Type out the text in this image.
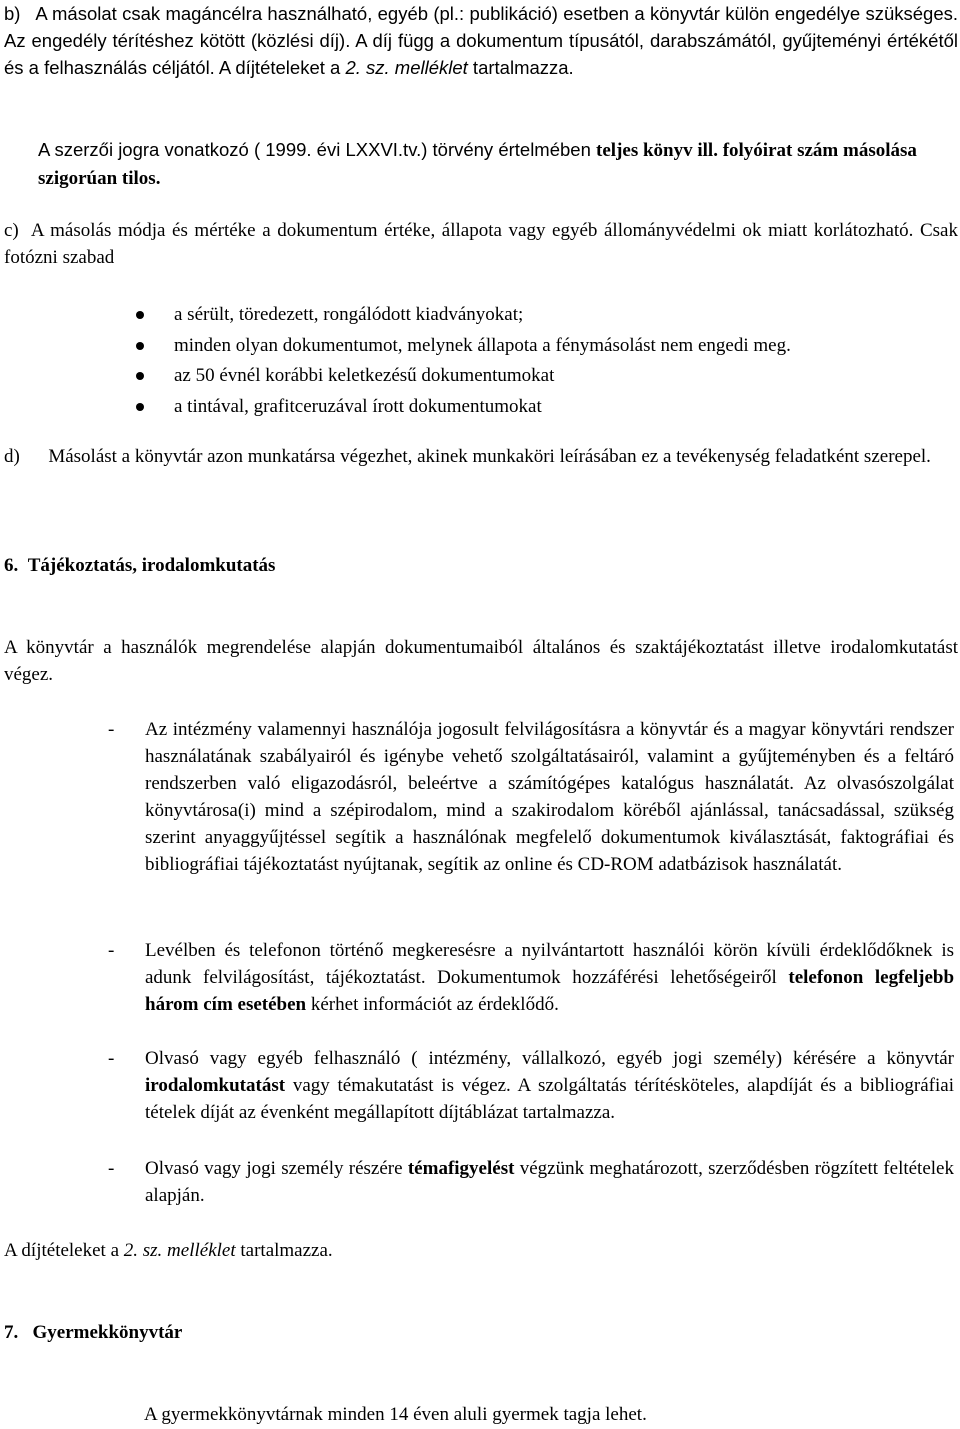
b) A másolat csak magáncélra használható, egyéb (pl.: publikáció) esetben a könyvtár külön engedélye szükséges. Az engedély térítéshez kötött (közlési díj). A díj függ a dokumentum típusától, darabszámától, gyűjteményi értékétől és a felhasználás céljától. A díjtételeket a 2. sz. melléklet tartalmazza.

A szerzői jogra vonatkozó ( 1999. évi LXXVI.tv.) törvény értelmében teljes könyv ill. folyóirat szám másolása szigorúan tilos.

c) A másolás módja és mértéke a dokumentum értéke, állapota vagy egyéb állományvédelmi ok miatt korlátozható. Csak fotózni szabad

a sérült, töredezett, rongálódott kiadványokat;
minden olyan dokumentumot, melynek állapota a fénymásolást nem engedi meg.
az 50 évnél korábbi keletkezésű dokumentumokat
a tintával, grafitceruzával írott dokumentumokat

d) Másolást a könyvtár azon munkatársa végezhet, akinek munkaköri leírásában ez a tevékenység feladatként szerepel.

6. Tájékoztatás, irodalomkutatás

A könyvtár a használók megrendelése alapján dokumentumaiból általános és szaktájékoztatást illetve irodalomkutatást végez.

- Az intézmény valamennyi használója jogosult felvilágosításra a könyvtár és a magyar könyvtári rendszer használatának szabályairól és igénybe vehető szolgáltatásairól, valamint a gyűjteményben és a feltáró rendszerben való eligazodásról, beleértve a számítógépes katalógus használatát. Az olvasószolgálat könyvtárosa(i) mind a szépirodalom, mind a szakirodalom köréből ajánlással, tanácsadással, szükség szerint anyaggyűjtéssel segítik a használónak megfelelő dokumentumok kiválasztását, faktográfiai és bibliográfiai tájékoztatást nyújtanak, segítik az online és CD-ROM adatbázisok használatát.

- Levélben és telefonon történő megkeresésre a nyilvántartott használói körön kívüli érdeklődőknek is adunk felvilágosítást, tájékoztatást. Dokumentumok hozzáférési lehetőségeiről telefonon legfeljebb három cím esetében kérhet információt az érdeklődő.

- Olvasó vagy egyéb felhasználó ( intézmény, vállalkozó, egyéb jogi személy) kérésére a könyvtár irodalomkutatást vagy témakutatást is végez. A szolgáltatás térítésköteles, alapdíját és a bibliográfiai tételek díját az évenként megállapított díjtáblázat tartalmazza.

- Olvasó vagy jogi személy részére témafigyelést végzünk meghatározott, szerződésben rögzített feltételek alapján.

A díjtételeket a 2. sz. melléklet tartalmazza.

7. Gyermekkönyvtár

A gyermekkönyvtárnak minden 14 éven aluli gyermek tagja lehet.
